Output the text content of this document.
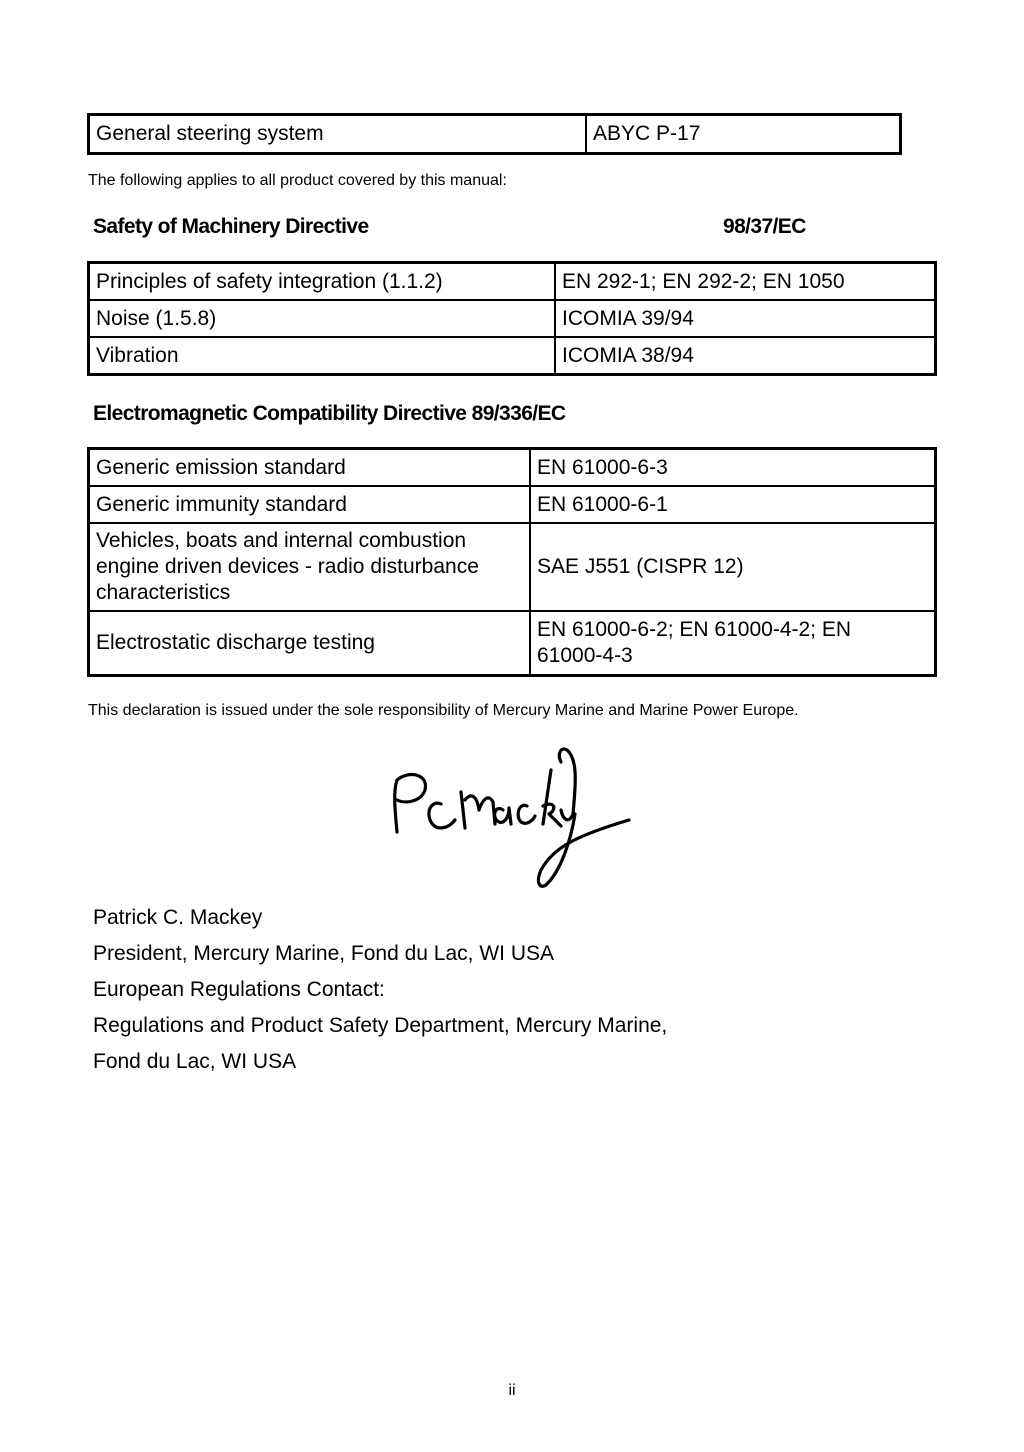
General steering system	ABYC P-17
The following applies to all product covered by this manual:
Safety of Machinery Directive	98/37/EC
Principles of safety integration (1.1.2)	EN 292-1; EN 292-2; EN 1050
Noise (1.5.8)	ICOMIA 39/94
Vibration	ICOMIA 38/94
Electromagnetic Compatibility Directive 89/336/EC
Generic emission standard	EN 61000-6-3
Generic immunity standard	EN 61000-6-1

Vehicles, boats and internal combustion
engine driven devices - radio disturbance
characteristics	SAE J551 (CISPR 12)
Electrostatic discharge testing	EN 61000-6-2; EN 61000-4-2; EN
61000-4-3
This declaration is issued under the sole responsibility of Mercury Marine and Marine Power Europe.
Patrick C. Mackey
President, Mercury Marine, Fond du Lac, WI USA
European Regulations Contact:
Regulations and Product Safety Department, Mercury Marine,
Fond du Lac, WI USA
ii
